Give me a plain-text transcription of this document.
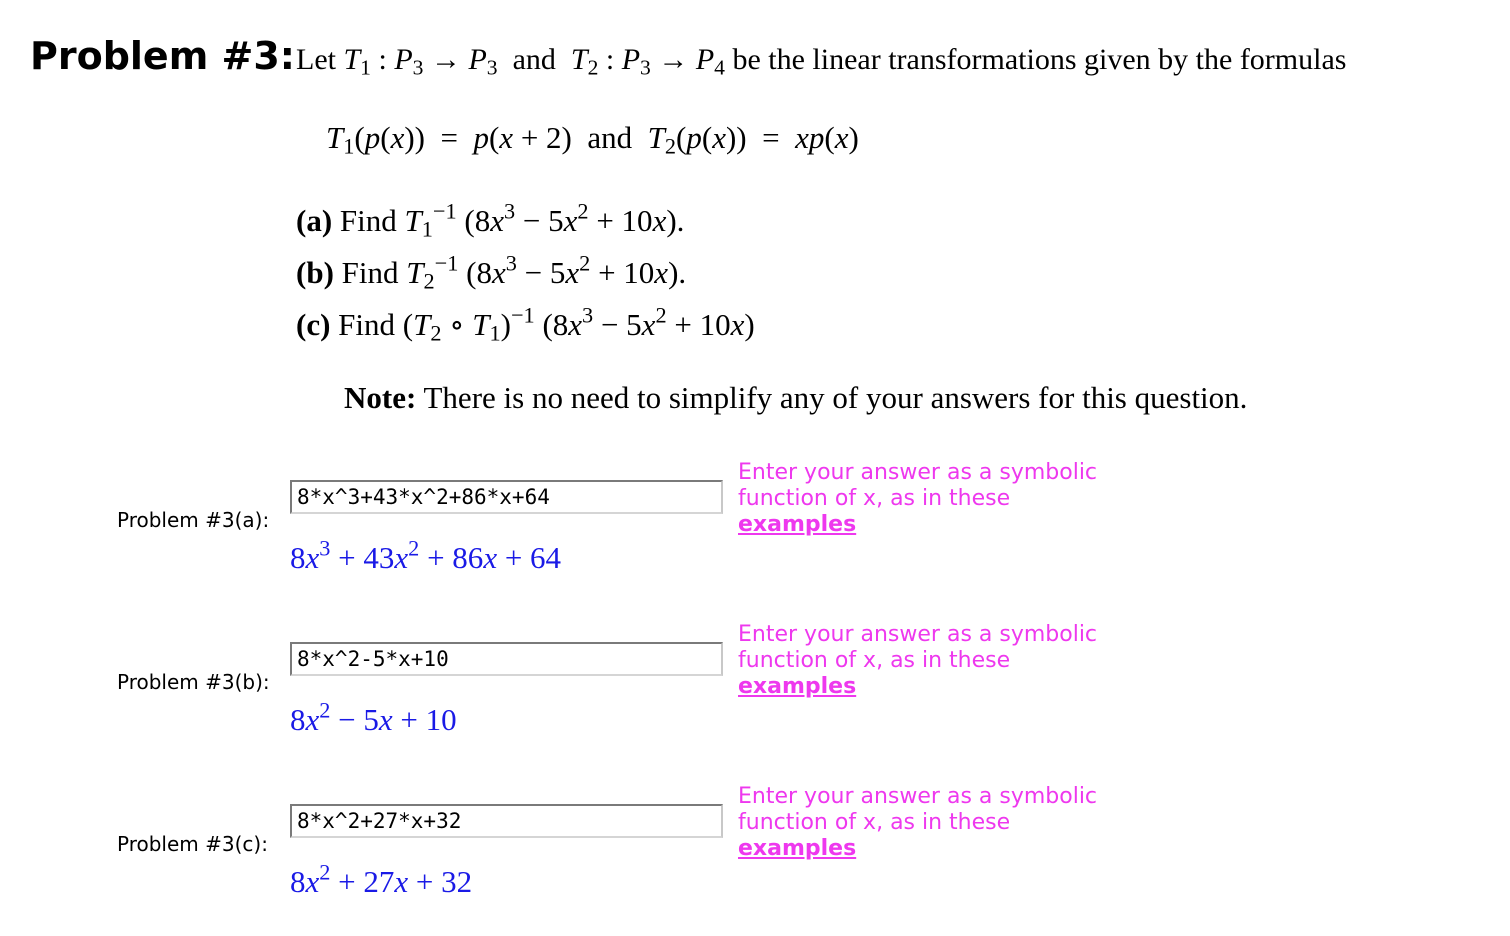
Problem #3: Let $T_1$ : $P_3 \to P_3$ and $T_2$ : $P_3 \to P_4$ be the linear transformations given by the formulas
$T_1(p(x)) = p(x + 2)$ and $T_2(p(x)) = xp(x)$
(a) Find $T_1^{-1}$ $(8x^3 - 5x^2 + 10x)$.
(b) Find $T_2^{-1}$ $(8x^3 - 5x^2 + 10x)$.
(c) Find ($T_2$ ∘ $T_1)^{-1}$ $(8x^3 - 5x^2 + 10x)$
Note: There is no need to simplify any of your answers for this question.
Problem #3(a):
8*x^3+43*x^2+86*x+64
$8x^3 + 43x^2 + 86x + 64$
Enter your answer as a symbolic
function of x, as in these
examples
Problem #3(b):
8*x^2-5*x+10
$8x^2 - 5x + 10$
Enter your answer as a symbolic
function of x, as in these
examples
Problem #3(c):
8*x^2+27*x+32
$8x^2 + 27x + 32$
Enter your answer as a symbolic
function of x, as in these
examples
